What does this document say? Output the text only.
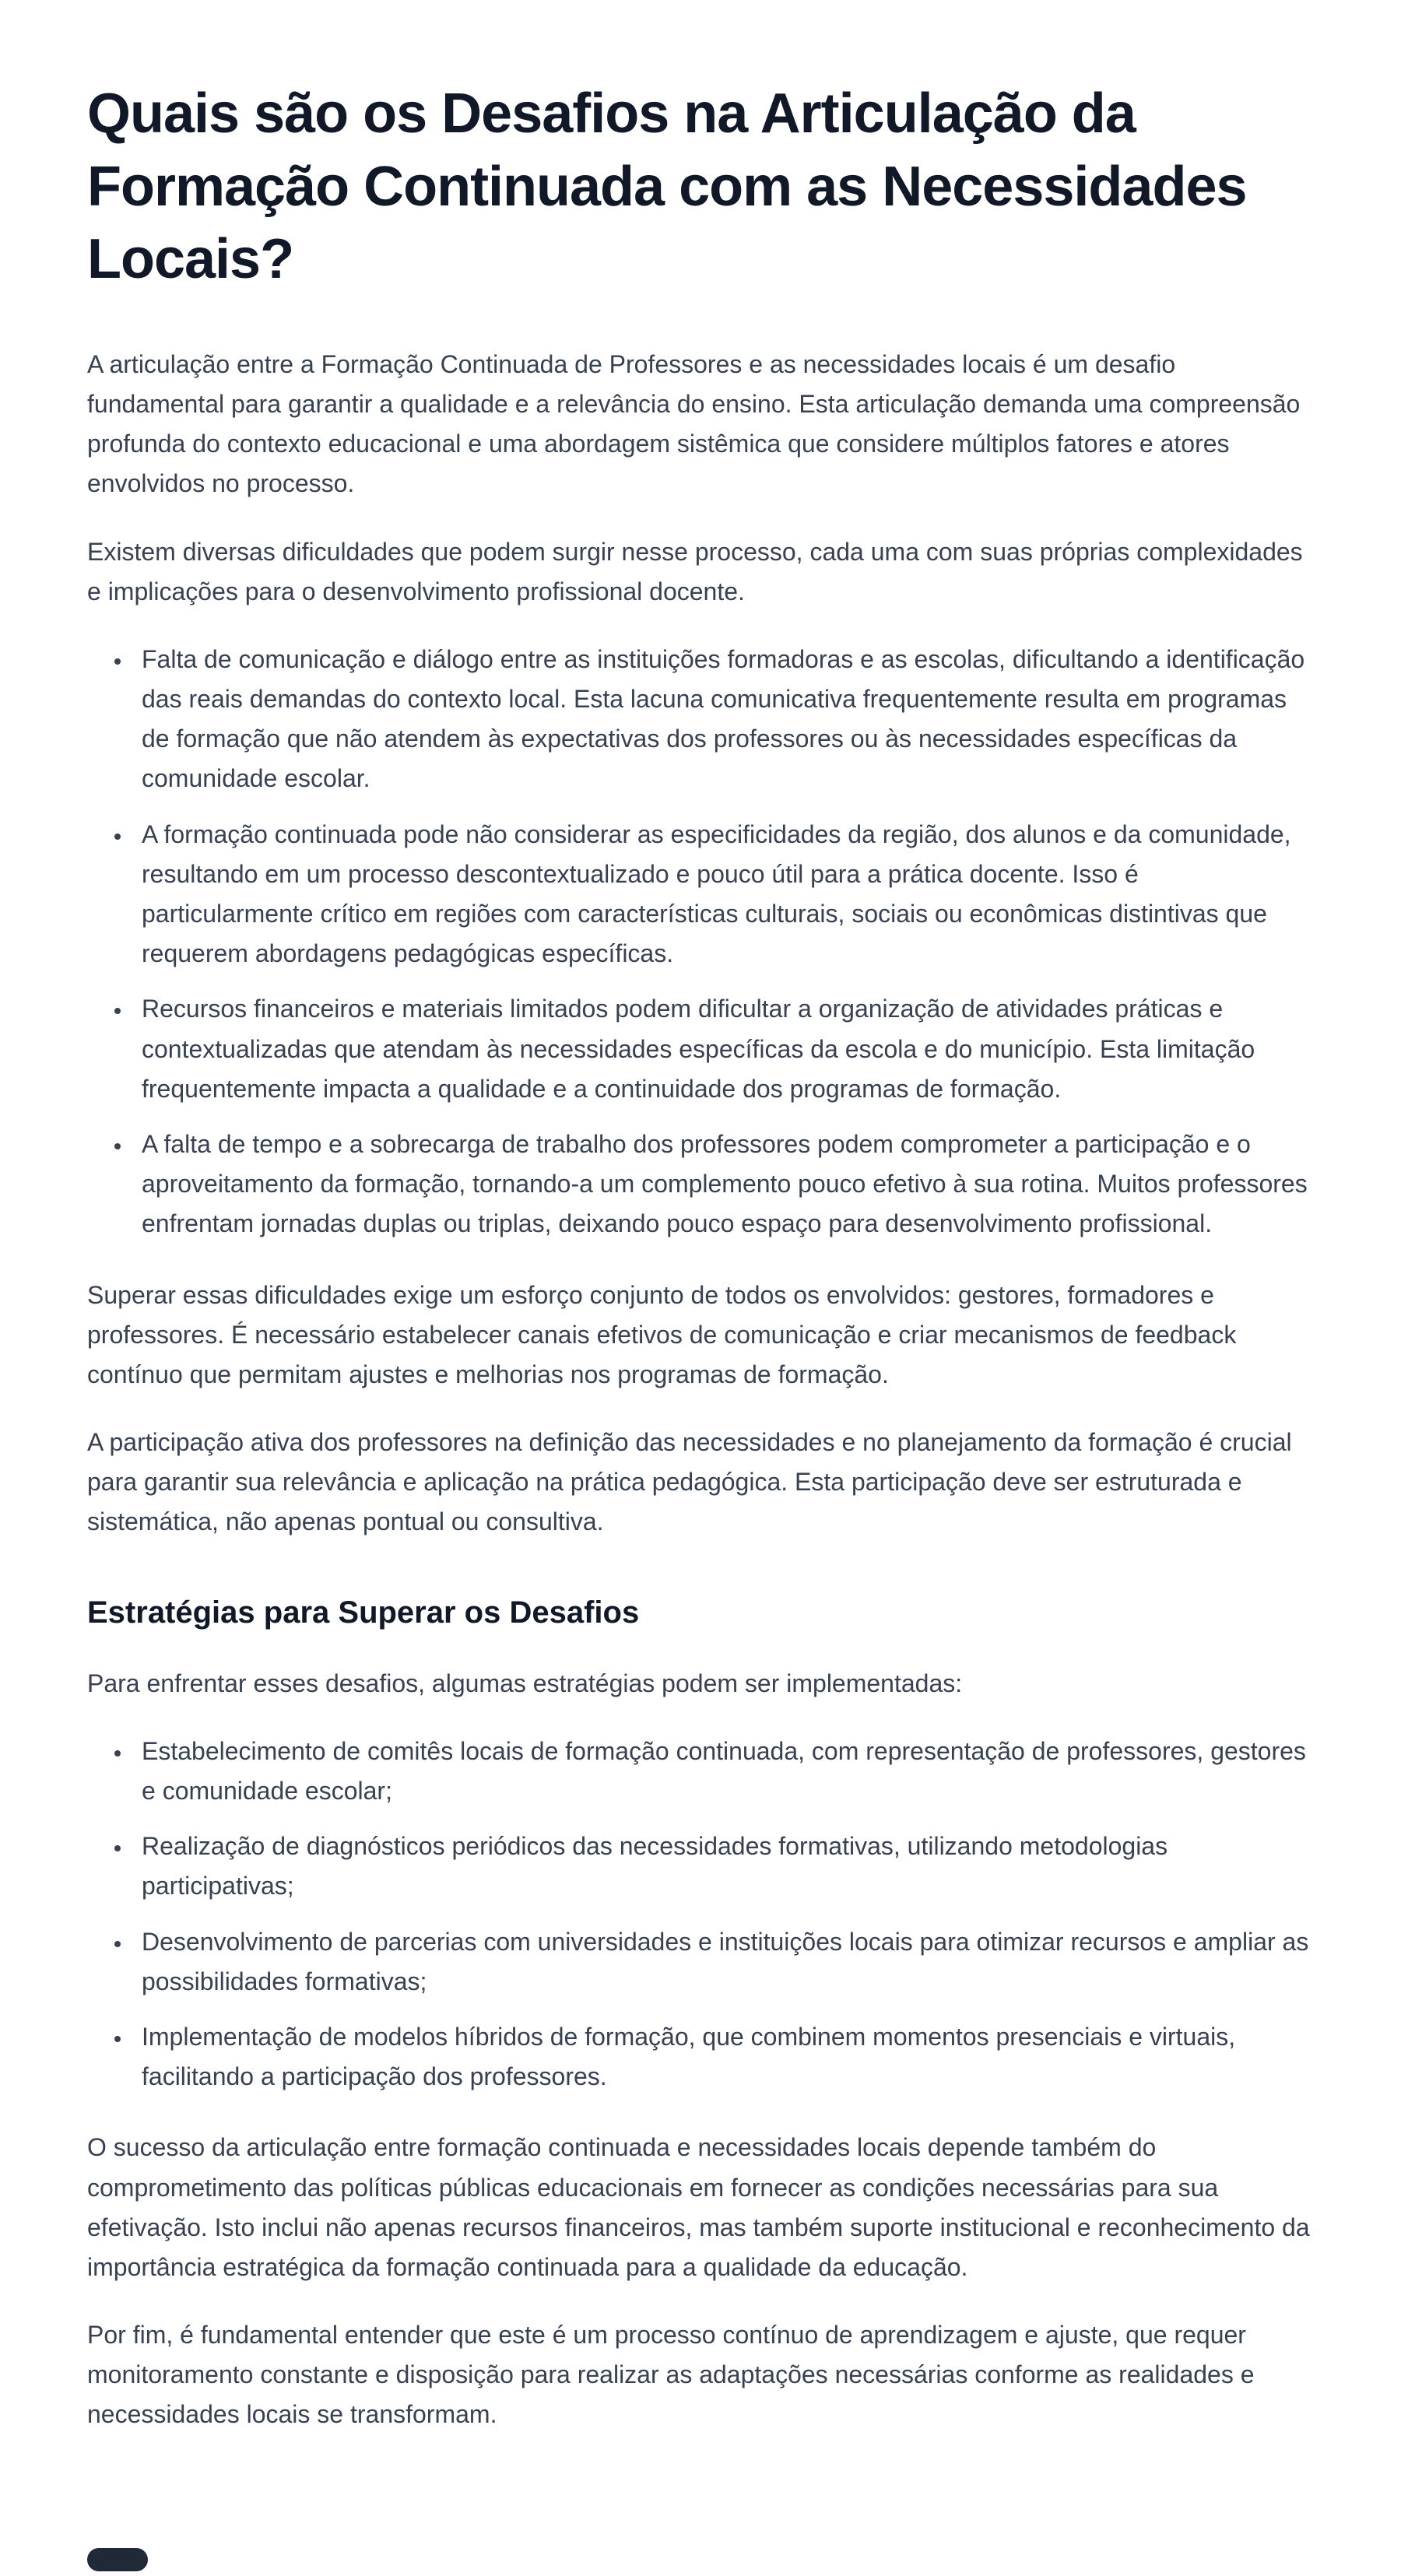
Quais são os Desafios na Articulação da Formação Continuada com as Necessidades Locais?

A articulação entre a Formação Continuada de Professores e as necessidades locais é um desafio fundamental para garantir a qualidade e a relevância do ensino. Esta articulação demanda uma compreensão profunda do contexto educacional e uma abordagem sistêmica que considere múltiplos fatores e atores envolvidos no processo.

Existem diversas dificuldades que podem surgir nesse processo, cada uma com suas próprias complexidades e implicações para o desenvolvimento profissional docente.

• Falta de comunicação e diálogo entre as instituições formadoras e as escolas, dificultando a identificação das reais demandas do contexto local. Esta lacuna comunicativa frequentemente resulta em programas de formação que não atendem às expectativas dos professores ou às necessidades específicas da comunidade escolar.
• A formação continuada pode não considerar as especificidades da região, dos alunos e da comunidade, resultando em um processo descontextualizado e pouco útil para a prática docente. Isso é particularmente crítico em regiões com características culturais, sociais ou econômicas distintivas que requerem abordagens pedagógicas específicas.
• Recursos financeiros e materiais limitados podem dificultar a organização de atividades práticas e contextualizadas que atendam às necessidades específicas da escola e do município. Esta limitação frequentemente impacta a qualidade e a continuidade dos programas de formação.
• A falta de tempo e a sobrecarga de trabalho dos professores podem comprometer a participação e o aproveitamento da formação, tornando-a um complemento pouco efetivo à sua rotina. Muitos professores enfrentam jornadas duplas ou triplas, deixando pouco espaço para desenvolvimento profissional.

Superar essas dificuldades exige um esforço conjunto de todos os envolvidos: gestores, formadores e professores. É necessário estabelecer canais efetivos de comunicação e criar mecanismos de feedback contínuo que permitam ajustes e melhorias nos programas de formação.

A participação ativa dos professores na definição das necessidades e no planejamento da formação é crucial para garantir sua relevância e aplicação na prática pedagógica. Esta participação deve ser estruturada e sistemática, não apenas pontual ou consultiva.

Estratégias para Superar os Desafios

Para enfrentar esses desafios, algumas estratégias podem ser implementadas:

• Estabelecimento de comitês locais de formação continuada, com representação de professores, gestores e comunidade escolar;
• Realização de diagnósticos periódicos das necessidades formativas, utilizando metodologias participativas;
• Desenvolvimento de parcerias com universidades e instituições locais para otimizar recursos e ampliar as possibilidades formativas;
• Implementação de modelos híbridos de formação, que combinem momentos presenciais e virtuais, facilitando a participação dos professores.

O sucesso da articulação entre formação continuada e necessidades locais depende também do comprometimento das políticas públicas educacionais em fornecer as condições necessárias para sua efetivação. Isto inclui não apenas recursos financeiros, mas também suporte institucional e reconhecimento da importância estratégica da formação continuada para a qualidade da educação.

Por fim, é fundamental entender que este é um processo contínuo de aprendizagem e ajuste, que requer monitoramento constante e disposição para realizar as adaptações necessárias conforme as realidades e necessidades locais se transformam.
